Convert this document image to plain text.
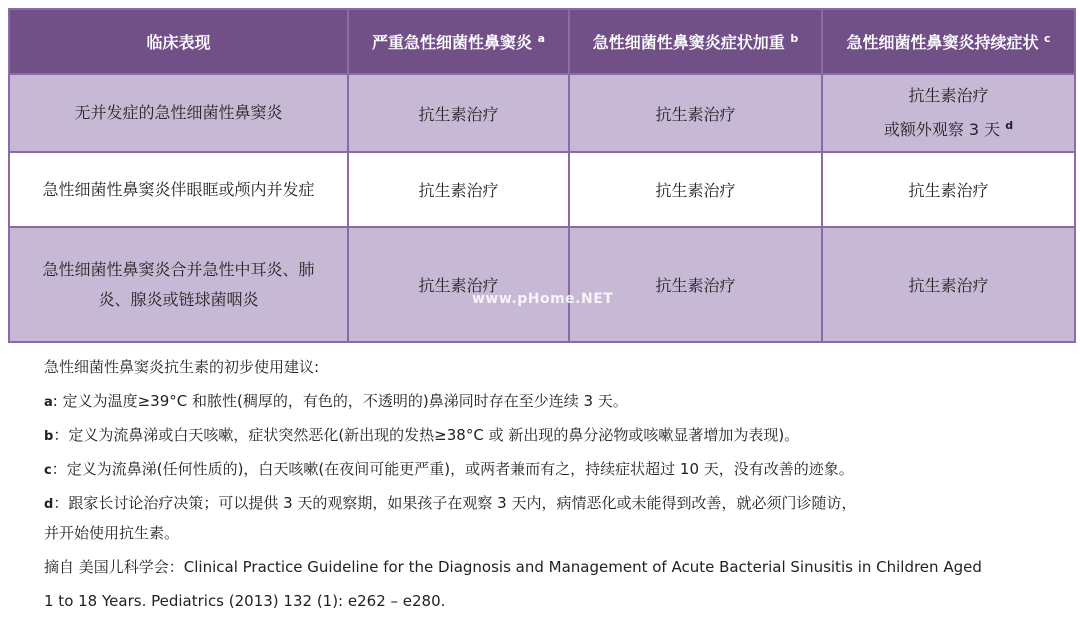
临床表现	严重急性细菌性鼻窦炎 $^a$	急性细菌性鼻窦炎症状加重 $^b$	急性细菌性鼻窦炎持续症状 $^c$
无并发症的急性细菌性鼻窦炎	抗生素治疗	抗生素治疗	抗生素治疗
或额外观察 3 天 $^d$

急性细菌性鼻窦炎伴眼眶或颅内并发症	抗生素治疗	抗生素治疗	抗生素治疗

急性细菌性鼻窦炎合并急性中耳炎、肺
炎、腺炎或链球菌咽炎	抗生素治疗	抗生素治疗	抗生素治疗
www.pHome.NET
急性细菌性鼻窦炎抗生素的初步使用建议:
a: 定义为温度≥39°C 和脓性(稠厚的，有色的，不透明的)鼻涕同时存在至少连续 3 天。
b：定义为流鼻涕或白天咳嗽，症状突然恶化(新出现的发热≥38°C 或 新出现的鼻分泌物或咳嗽显著增加为表现)。
c：定义为流鼻涕(任何性质的)，白天咳嗽(在夜间可能更严重)，或两者兼而有之，持续症状超过 10 天，没有改善的迹象。
d：跟家长讨论治疗决策；可以提供 3 天的观察期，如果孩子在观察 3 天内，病情恶化或未能得到改善，就必须门诊随访，
并开始使用抗生素。
摘自 美国儿科学会：Clinical Practice Guideline for the Diagnosis and Management of Acute Bacterial Sinusitis in Children Aged
1 to 18 Years. Pediatrics (2013) 132 (1): e262 – e280.
